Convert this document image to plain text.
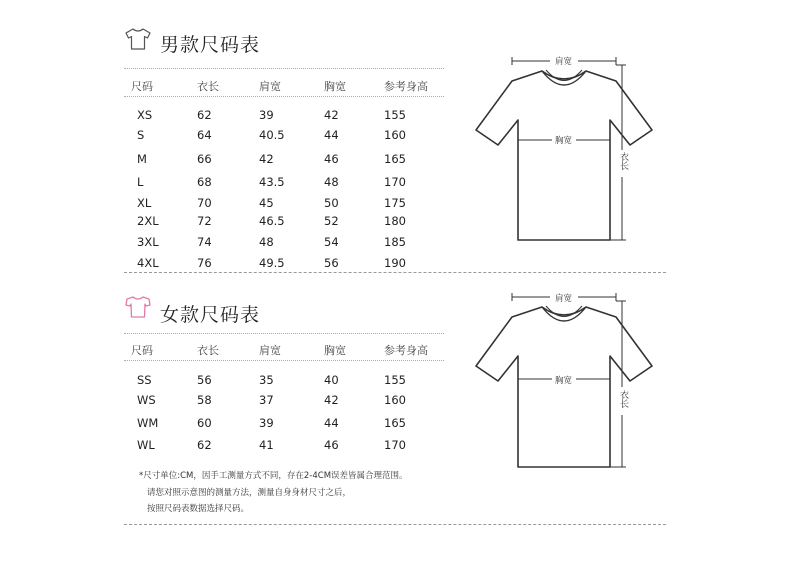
男款尺码表
尺码	衣长	肩宽	胸宽	参考身高
XS	62	39	42	155
S	64	40.5	44	160
M	66	42	46	165
L	68	43.5	48	170
XL	70	45	50	175
2XL	72	46.5	52	180
3XL	74	48	54	185
4XL	76	49.5	56	190
肩宽
胸宽
衣长
女款尺码表
尺码	衣长	肩宽	胸宽	参考身高
SS	56	35	40	155
WS	58	37	42	160
WM	60	39	44	165
WL	62	41	46	170
*尺寸单位:CM，因手工测量方式不同，存在2-4CM误差皆属合理范围。
请您对照示意图的测量方法，测量自身身材尺寸之后，
按照尺码表数据选择尺码。
肩宽
胸宽
衣长
